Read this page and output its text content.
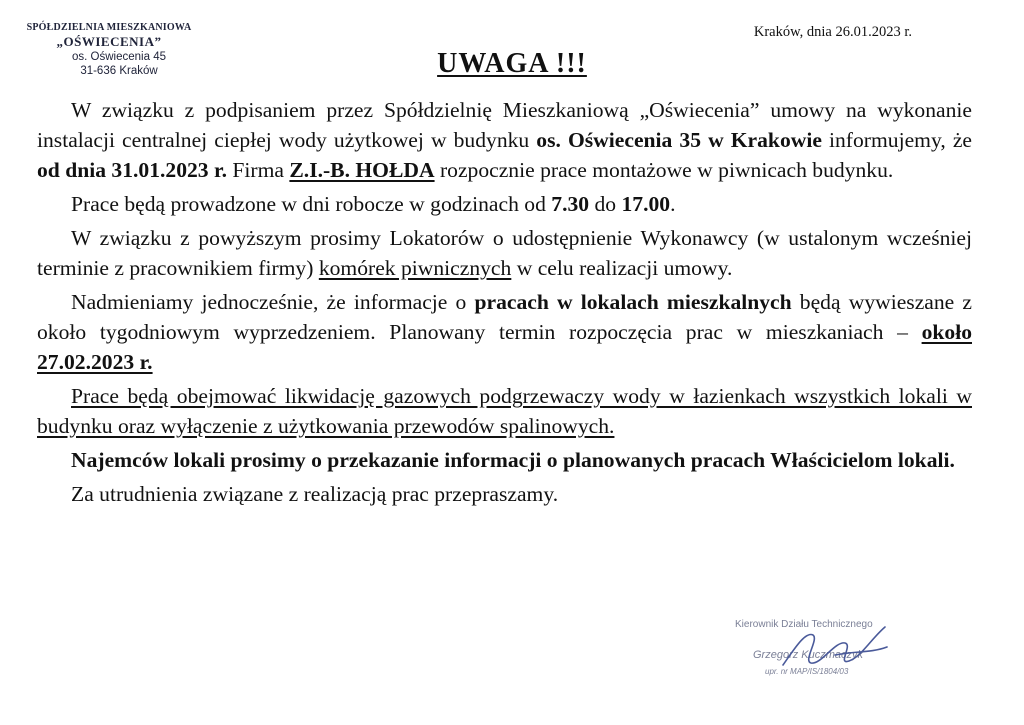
SPÓŁDZIELNIA MIESZKANIOWA
„OŚWIECENIA”
os. Oświecenia 45
31-636 Kraków
Kraków, dnia 26.01.2023 r.
UWAGA !!!

W związku z podpisaniem przez Spółdzielnię Mieszkaniową „Oświecenia” umowy na wykonanie instalacji centralnej ciepłej wody użytkowej w budynku os. Oświecenia 35 w Krakowie informujemy, że od dnia 31.01.2023 r. Firma Z.I.-B. HOŁDA rozpocznie prace montażowe w piwnicach budynku.

Prace będą prowadzone w dni robocze w godzinach od 7.30 do 17.00.

W związku z powyższym prosimy Lokatorów o udostępnienie Wykonawcy (w ustalonym wcześniej terminie z pracownikiem firmy) komórek piwnicznych w celu realizacji umowy.

Nadmieniamy jednocześnie, że informacje o pracach w lokalach mieszkalnych będą wywieszane z około tygodniowym wyprzedzeniem. Planowany termin rozpoczęcia prac w mieszkaniach – około 27.02.2023 r.

Prace będą obejmować likwidację gazowych podgrzewaczy wody w łazienkach wszystkich lokali w budynku oraz wyłączenie z użytkowania przewodów spalinowych.

Najemców lokali prosimy o przekazanie informacji o planowanych pracach Właścicielom lokali.

Za utrudnienia związane z realizacją prac przepraszamy.

Kierownik Działu Technicznego
Grzegorz Kuczmaczyk
upr. nr MAP/IS/1804/03
